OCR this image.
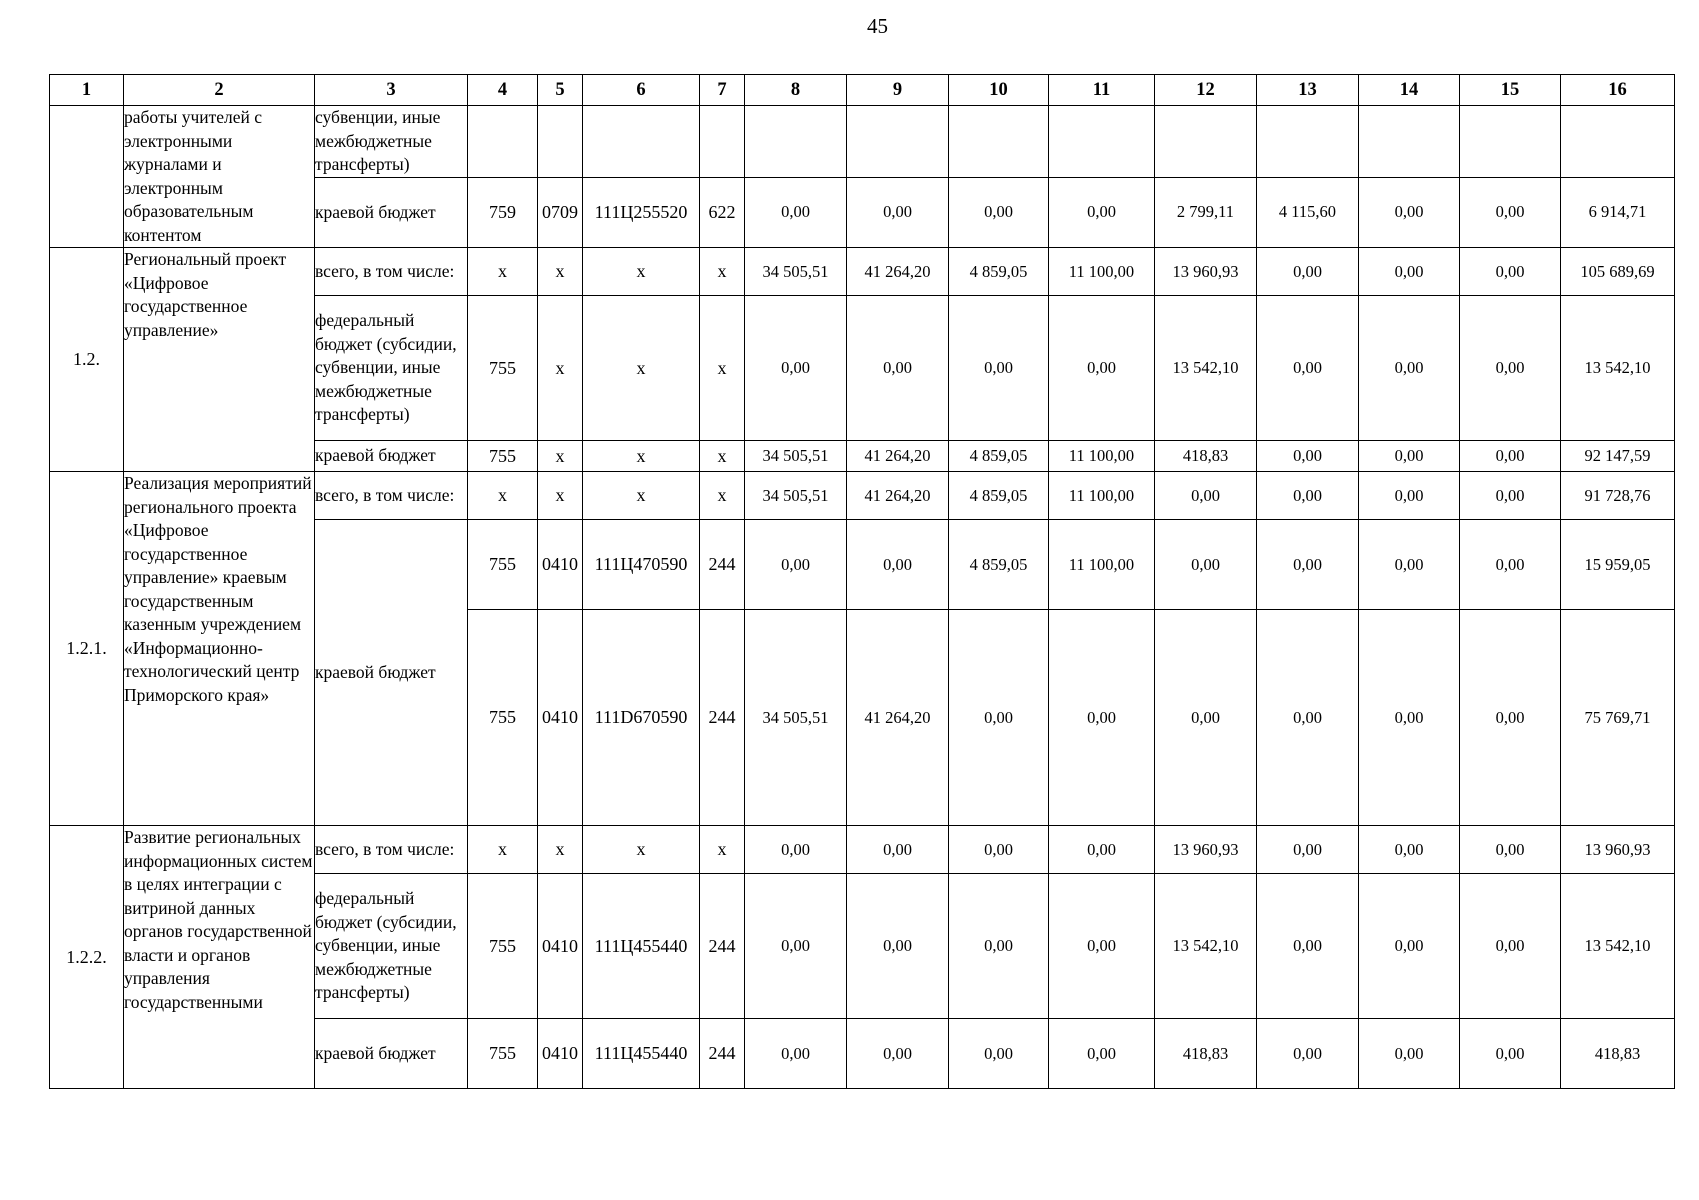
45
1	2	3	4	5	6	7	8	9	10	11	12	13	14	15	16
	работы учителей с электронными журналами и электронным образовательным контентом	субвенции, иные межбюджетные трансферты)													
		краевой бюджет	759	0709	111Ц255520	622	0,00	0,00	0,00	0,00	2 799,11	4 115,60	0,00	0,00	6 914,71
1.2.	Региональный проект «Цифровое государственное управление»	всего, в том числе:	х	х	х	х	34 505,51	41 264,20	4 859,05	11 100,00	13 960,93	0,00	0,00	0,00	105 689,69
		федеральный бюджет (субсидии, субвенции, иные межбюджетные трансферты)	755	х	х	х	0,00	0,00	0,00	0,00	13 542,10	0,00	0,00	0,00	13 542,10
		краевой бюджет	755	х	х	х	34 505,51	41 264,20	4 859,05	11 100,00	418,83	0,00	0,00	0,00	92 147,59
1.2.1.	Реализация мероприятий регионального проекта «Цифровое государственное управление» краевым государственным казенным учреждением «Информационно-технологический центр Приморского края»	всего, в том числе:	х	х	х	х	34 505,51	41 264,20	4 859,05	11 100,00	0,00	0,00	0,00	0,00	91 728,76
		краевой бюджет	755	0410	111Ц470590	244	0,00	0,00	4 859,05	11 100,00	0,00	0,00	0,00	0,00	15 959,05
			755	0410	111D670590	244	34 505,51	41 264,20	0,00	0,00	0,00	0,00	0,00	0,00	75 769,71
1.2.2.	Развитие региональных информационных систем в целях интеграции с витриной данных органов государственной власти и органов управления государственными	всего, в том числе:	х	х	х	х	0,00	0,00	0,00	0,00	13 960,93	0,00	0,00	0,00	13 960,93
		федеральный бюджет (субсидии, субвенции, иные межбюджетные трансферты)	755	0410	111Ц455440	244	0,00	0,00	0,00	0,00	13 542,10	0,00	0,00	0,00	13 542,10
		краевой бюджет	755	0410	111Ц455440	244	0,00	0,00	0,00	0,00	418,83	0,00	0,00	0,00	418,83
